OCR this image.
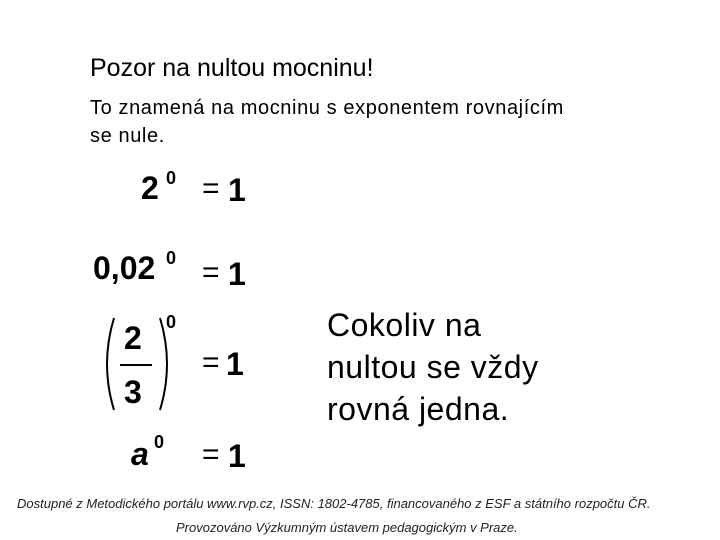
Pozor na nultou mocninu!
To znamená na mocninu s exponentem rovnajícím
se nule.
2 0 = 1
0,02 0 = 1
2
3
0
= 1
a 0 = 1
Cokoliv na nultou se vždy rovná jedna.
Dostupné z Metodického portálu www.rvp.cz, ISSN: 1802-4785, financovaného z ESF a státního rozpočtu ČR.
Provozováno Výzkumným ústavem pedagogickým v Praze.
